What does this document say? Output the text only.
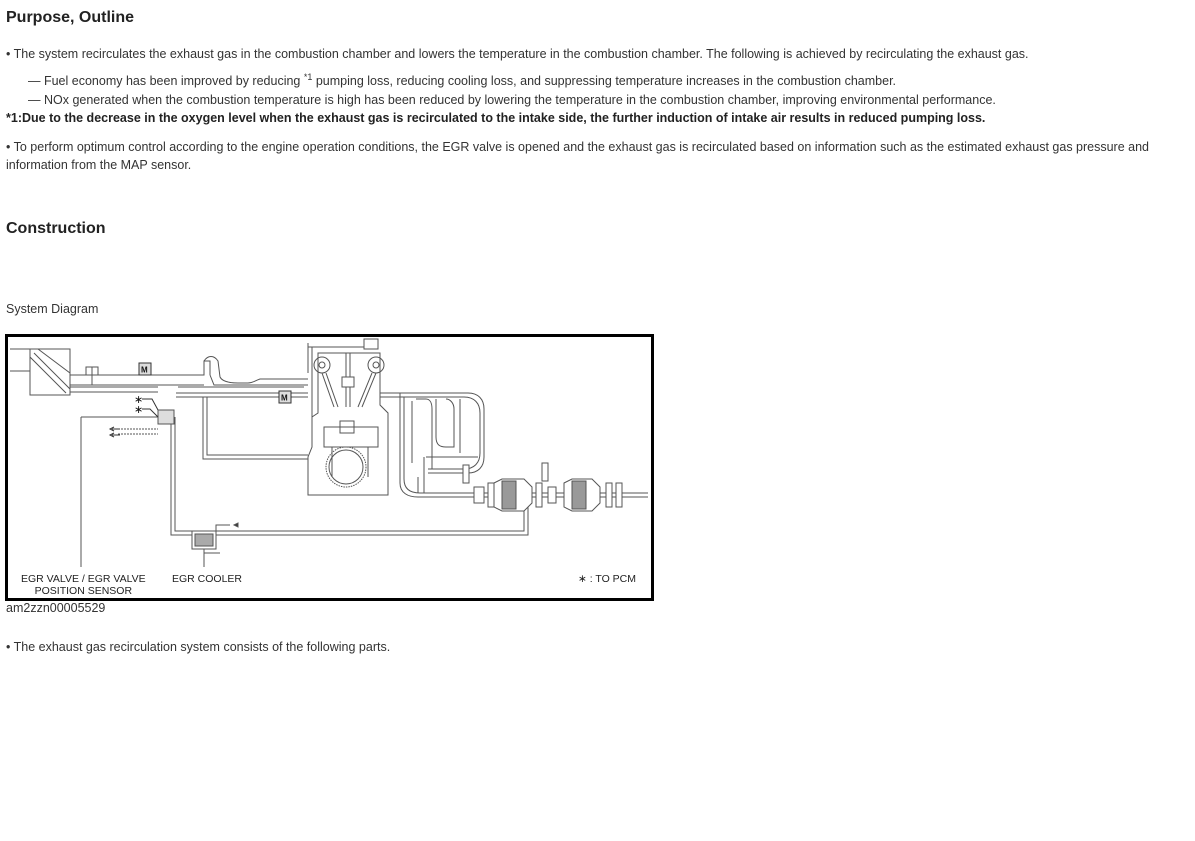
Purpose, Outline

• The system recirculates the exhaust gas in the combustion chamber and lowers the temperature in the combustion chamber. The following is achieved by recirculating the exhaust gas.

— Fuel economy has been improved by reducing $^{*1}$ pumping loss, reducing cooling loss, and suppressing temperature increases in the combustion chamber.

— NOx generated when the combustion temperature is high has been reduced by lowering the temperature in the combustion chamber, improving environmental performance.

*1:Due to the decrease in the oxygen level when the exhaust gas is recirculated to the intake side, the further induction of intake air results in reduced pumping loss.

• To perform optimum control according to the engine operation conditions, the EGR valve is opened and the exhaust gas is recirculated based on information such as the estimated exhaust gas pressure and information from the MAP sensor.

Construction

System Diagram

M
M
∗
∗
EGR VALVE / EGR VALVE
POSITION SENSOR
EGR COOLER	∗ : TO PCM
am2zzn00005529

• The exhaust gas recirculation system consists of the following parts.
